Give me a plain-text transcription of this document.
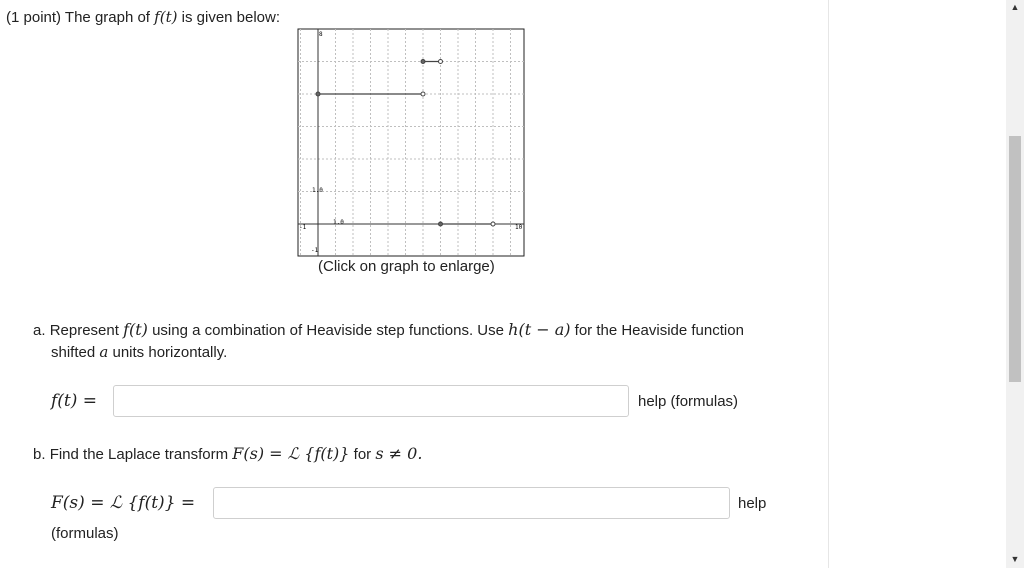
(1 point) The graph of f(t) is given below:
8
1.0
-1
-1
1.0
10
(Click on graph to enlarge)
a. Represent f(t) using a combination of Heaviside step functions. Use h(t − a) for the Heaviside function
shifted a units horizontally.
f(t) =	help (formulas)
b. Find the Laplace transform F(s) = ℒ {f(t)} for s ≠ 0.
F(s) = ℒ {f(t)} =	help
(formulas)
▲
▼
